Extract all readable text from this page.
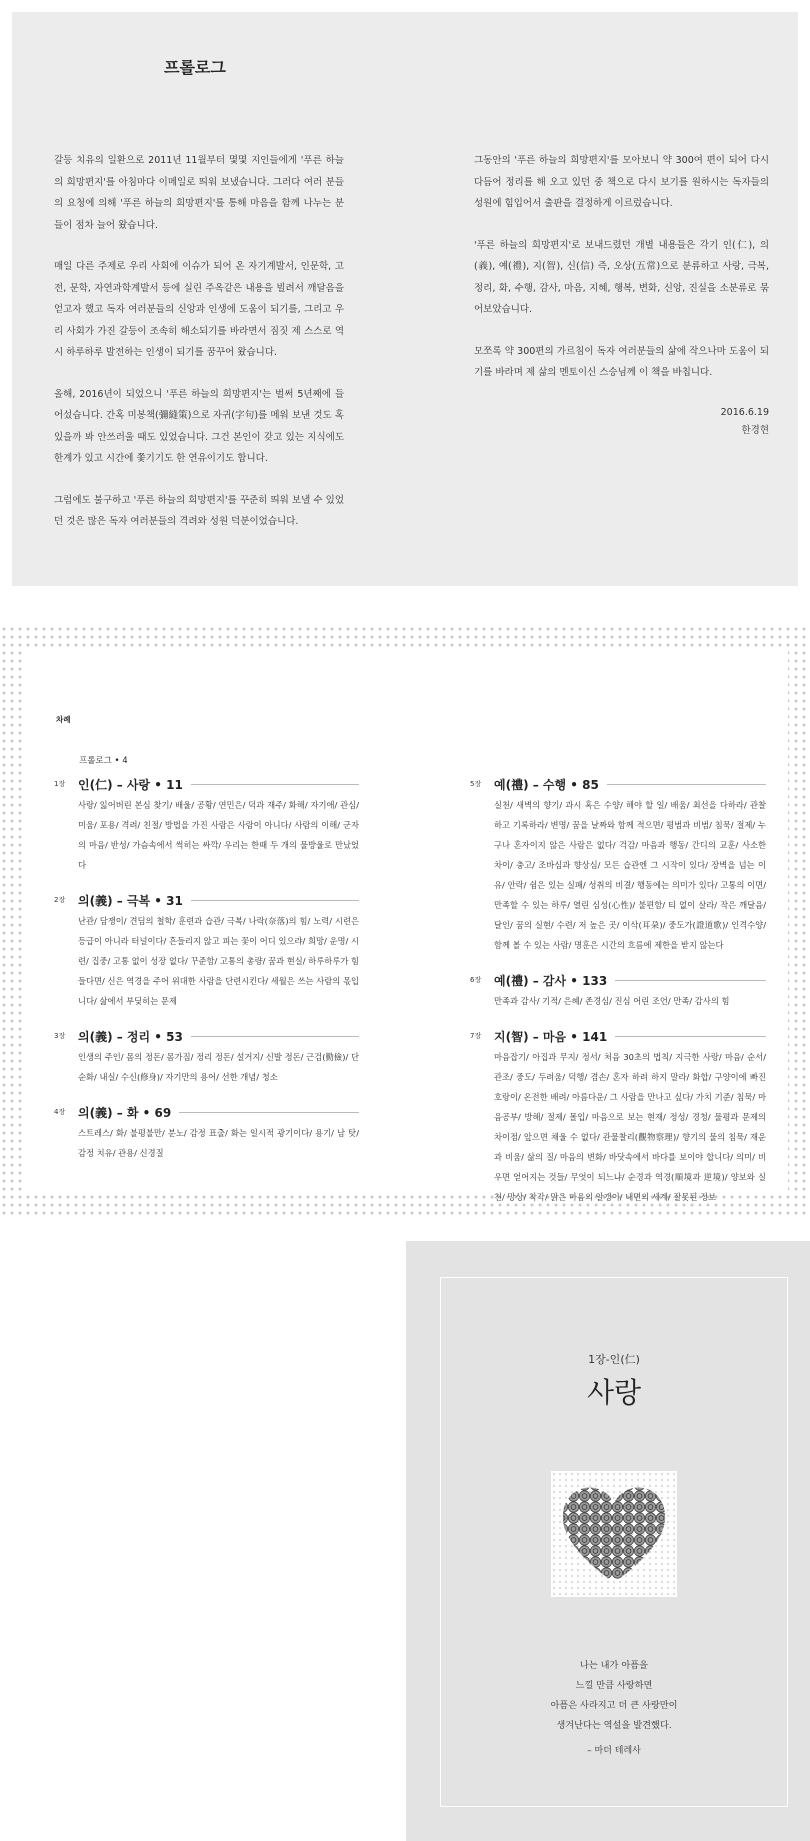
프롤로그

갈등 치유의 일환으로 2011년 11월부터 몇몇 지인들에게 '푸른 하늘의 희망편지'를 아침마다 이메일로 띄워 보냈습니다. 그러다 여러 분들의 요청에 의해 '푸른 하늘의 희망편지'를 통해 마음을 함께 나누는 분들이 점차 늘어 왔습니다.

매일 다른 주제로 우리 사회에 이슈가 되어 온 자기계발서, 인문학, 고전, 문학, 자연과학계발서 등에 실린 주옥같은 내용을 빌려서 깨달음을 얻고자 했고 독자 여러분들의 신앙과 인생에 도움이 되기를, 그리고 우리 사회가 가진 갈등이 조속히 해소되기를 바라면서 짐짓 제 스스로 역시 하루하루 발전하는 인생이 되기를 꿈꾸어 왔습니다.

올해, 2016년이 되었으니 '푸른 하늘의 희망편지'는 벌써 5년째에 들어섰습니다. 간혹 미봉책(彌縫策)으로 자귀(字句)를 메워 보낸 것도 혹 있을까 봐 안쓰러울 때도 있었습니다. 그건 본인이 갖고 있는 지식에도 한계가 있고 시간에 쫓기기도 한 연유이기도 합니다.

그럼에도 불구하고 '푸른 하늘의 희망편지'를 꾸준히 띄워 보낼 수 있었던 것은 많은 독자 여러분들의 격려와 성원 덕분이었습니다.

그동안의 '푸른 하늘의 희망편지'를 모아보니 약 300여 편이 되어 다시 다듬어 정리를 해 오고 있던 중 책으로 다시 보기를 원하시는 독자들의 성원에 힘입어서 출판을 결정하게 이르렀습니다.

'푸른 하늘의 희망편지'로 보내드렸던 개별 내용들은 각기 인(仁), 의(義), 예(禮), 지(智), 신(信) 즉, 오상(五常)으로 분류하고 사랑, 극복, 정리, 화, 수행, 감사, 마음, 지혜, 행복, 변화, 신앙, 진실을 소분류로 묶어보았습니다.

모쪼록 약 300편의 가르침이 독자 여러분들의 삶에 작으나마 도움이 되기를 바라며 제 삶의 멘토이신 스승님께 이 책을 바칩니다.

2016.6.19

한경현

차례
프롤로그 • 4
1장	인(仁) – 사랑 • 11
사랑/ 잃어버린 본심 찾기/ 배울/ 공황/ 연민은/ 덕과 재주/ 화해/ 자기애/ 관심/ 미움/ 포용/ 격려/ 친절/ 방법을 가진 사람은 사람이 아니다/ 사람의 이해/ 군자의 마음/ 반성/ 가슴속에서 썩히는 싸깍/ 우리는 한때 두 개의 물방울로 만났었다
2장	의(義) – 극복 • 31
난관/ 담쟁이/ 견딤의 철학/ 훈련과 습관/ 극복/ 나락(奈落)의 힘/ 노력/ 시련은 등급이 아니라 터널이다/ 흔들리지 않고 피는 꽃이 어디 있으랴/ 희망/ 운명/ 시련/ 집중/ 고통 없이 성장 없다/ 꾸준함/ 고통의 총량/ 꿈과 현실/ 하루하루가 힘들다면/ 신은 역경을 주어 위대한 사람을 단련시킨다/ 세월은 쓰는 사람의 몫입니다/ 삶에서 부딪히는 문제
3장	의(義) – 정리 • 53
인생의 주인/ 몸의 정돈/ 몸가짐/ 정리 정돈/ 설거지/ 신발 정돈/ 근검(勤儉)/ 단순화/ 내실/ 수신(修身)/ 자기만의 용어/ 선한 개념/ 청소
4장	의(義) – 화 • 69
스트레스/ 화/ 불평불만/ 분노/ 감정 표출/ 화는 일시적 광기이다/ 용기/ 남 탓/ 감정 치유/ 관용/ 신경질
5장	예(禮) – 수행 • 85
실천/ 새벽의 향기/ 과시 혹은 수양/ 해야 할 일/ 배움/ 최선을 다하라/ 관찰하고 기록하라/ 변명/ 꿈을 날짜와 함께 적으면/ 평범과 비범/ 침묵/ 절제/ 누구나 혼자이지 않은 사람은 없다/ 걱감/ 마음과 행동/ 간디의 교훈/ 사소한 차이/ 충고/ 조바심과 향상심/ 모든 습관엔 그 시작이 있다/ 장벽을 넘는 이유/ 안락/ 쉼은 있는 실패/ 성취의 비결/ 행동에는 의미가 있다/ 고통의 이면/ 만족할 수 있는 하루/ 열린 심성(心性)/ 불편함/ 티 없이 살라/ 작은 깨달음/ 달인/ 꿈의 실현/ 수련/ 저 높은 곳/ 이삭(耳朶)/ 중도가(證道歌)/ 인격수양/ 함께 볼 수 있는 사람/ 명훈은 시간의 흐름에 제한을 받지 않는다
6장	예(禮) – 감사 • 133
만족과 감사/ 기적/ 은혜/ 존경심/ 진심 어린 조언/ 만족/ 감사의 힘
7장	지(智) – 마음 • 141
마음잡기/ 아집과 무지/ 정서/ 처음 30초의 법칙/ 지극한 사랑/ 마음/ 순서/ 관조/ 중도/ 두려움/ 덕행/ 겸손/ 혼자 하려 하지 말라/ 화합/ 구양이에 빠진 호랑이/ 온전한 배려/ 아름다운/ 그 사람을 만나고 싶다/ 가치 기준/ 침묵/ 마음공부/ 방해/ 절제/ 몰입/ 마음으로 보는 현재/ 정성/ 경청/ 물평과 문제의 차이점/ 앞으면 채울 수 없다/ 관물찰리(觀物察理)/ 향기의 물의 침묵/ 재운과 비움/ 삶의 질/ 마음의 변화/ 바닷속에서 바다를 보이야 합니다/ 의미/ 비우면 얻어지는 것들/ 무엇이 되느냐/ 순경과 역경(順境과 逆境)/ 양보와 실천/ 망상/ 착각/ 맑은 마음의 알갱이/ 내면의 세계/ 잘못된 정보
1장-인(仁)
사랑
나는 내가 아픔을
느낄 만큼 사랑하면
아픔은 사라지고 더 큰 사랑만이
생겨난다는 역설을 발견했다.
– 마더 테레사
